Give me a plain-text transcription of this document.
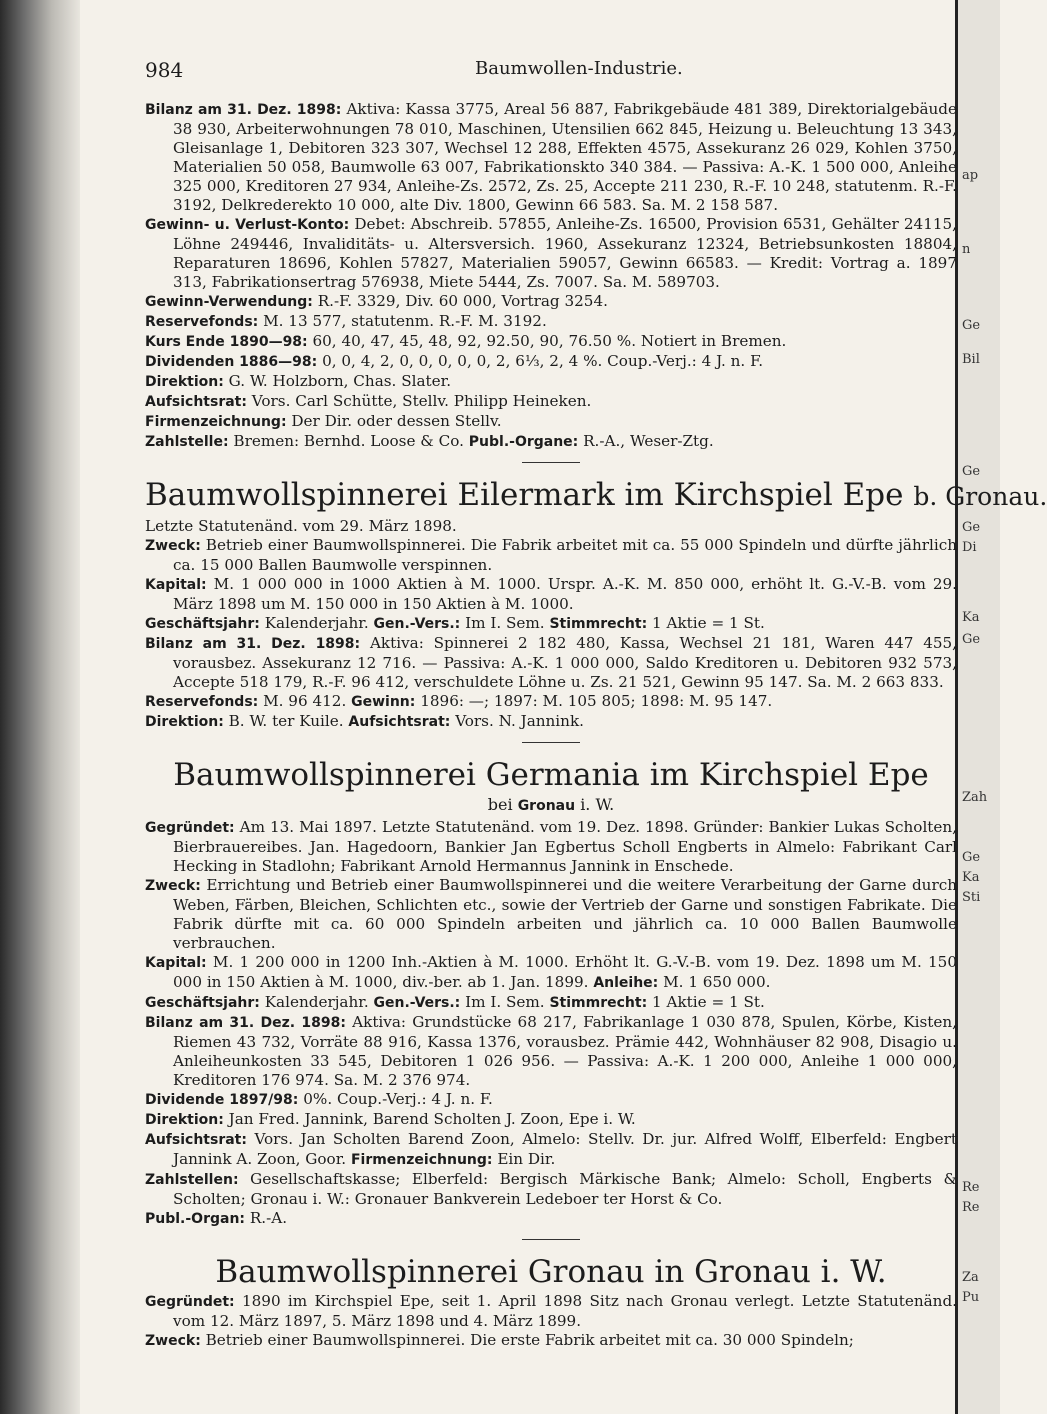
ap
n
Ge
Bil
Ge
Ge
Di
Ka
Ge
Zah
Ge
Ka
Sti
Re
Re
Za
Pu
984	Baumwollen-Industrie.

Bilanz am 31. Dez. 1898: Aktiva: Kassa 3775, Areal 56 887, Fabrikgebäude 481 389, Direktorialgebäude 38 930, Arbeiterwohnungen 78 010, Maschinen, Utensilien 662 845, Heizung u. Beleuchtung 13 343, Gleisanlage 1, Debitoren 323 307, Wechsel 12 288, Effekten 4575, Assekuranz 26 029, Kohlen 3750, Materialien 50 058, Baumwolle 63 007, Fabrikationskto 340 384. — Passiva: A.-K. 1 500 000, Anleihe 325 000, Kreditoren 27 934, Anleihe-Zs. 2572, Zs. 25, Accepte 211 230, R.-F. 10 248, statutenm. R.-F. 3192, Delkrederekto 10 000, alte Div. 1800, Gewinn 66 583. Sa. M. 2 158 587.

Gewinn- u. Verlust-Konto: Debet: Abschreib. 57855, Anleihe-Zs. 16500, Provision 6531, Gehälter 24115, Löhne 249446, Invaliditäts- u. Altersversich. 1960, Assekuranz 12324, Betriebsunkosten 18804, Reparaturen 18696, Kohlen 57827, Materialien 59057, Gewinn 66583. — Kredit: Vortrag a. 1897 313, Fabrikationsertrag 576938, Miete 5444, Zs. 7007. Sa. M. 589703.

Gewinn-Verwendung: R.-F. 3329, Div. 60 000, Vortrag 3254.

Reservefonds: M. 13 577, statutenm. R.-F. M. 3192.

Kurs Ende 1890—98: 60, 40, 47, 45, 48, 92, 92.50, 90, 76.50 %. Notiert in Bremen.

Dividenden 1886—98: 0, 0, 4, 2, 0, 0, 0, 0, 0, 2, 6⅓, 2, 4 %. Coup.-Verj.: 4 J. n. F.

Direktion: G. W. Holzborn, Chas. Slater.

Aufsichtsrat: Vors. Carl Schütte, Stellv. Philipp Heineken.

Firmenzeichnung: Der Dir. oder dessen Stellv.

Zahlstelle: Bremen: Bernhd. Loose & Co. Publ.-Organe: R.-A., Weser-Ztg.

Baumwollspinnerei Eilermark im Kirchspiel Epe b. Gronau.

Letzte Statutenänd. vom 29. März 1898.

Zweck: Betrieb einer Baumwollspinnerei. Die Fabrik arbeitet mit ca. 55 000 Spindeln und dürfte jährlich ca. 15 000 Ballen Baumwolle verspinnen.

Kapital: M. 1 000 000 in 1000 Aktien à M. 1000. Urspr. A.-K. M. 850 000, erhöht lt. G.-V.-B. vom 29. März 1898 um M. 150 000 in 150 Aktien à M. 1000.

Geschäftsjahr: Kalenderjahr. Gen.-Vers.: Im I. Sem. Stimmrecht: 1 Aktie = 1 St.

Bilanz am 31. Dez. 1898: Aktiva: Spinnerei 2 182 480, Kassa, Wechsel 21 181, Waren 447 455, vorausbez. Assekuranz 12 716. — Passiva: A.-K. 1 000 000, Saldo Kreditoren u. Debitoren 932 573, Accepte 518 179, R.-F. 96 412, verschuldete Löhne u. Zs. 21 521, Gewinn 95 147. Sa. M. 2 663 833.

Reservefonds: M. 96 412. Gewinn: 1896: —; 1897: M. 105 805; 1898: M. 95 147.

Direktion: B. W. ter Kuile. Aufsichtsrat: Vors. N. Jannink.

Baumwollspinnerei Germania im Kirchspiel Epe
bei Gronau i. W.

Gegründet: Am 13. Mai 1897. Letzte Statutenänd. vom 19. Dez. 1898. Gründer: Bankier Lukas Scholten, Bierbrauereibes. Jan. Hagedoorn, Bankier Jan Egbertus Scholl Engberts in Almelo: Fabrikant Carl Hecking in Stadlohn; Fabrikant Arnold Hermannus Jannink in Enschede.

Zweck: Errichtung und Betrieb einer Baumwollspinnerei und die weitere Verarbeitung der Garne durch Weben, Färben, Bleichen, Schlichten etc., sowie der Vertrieb der Garne und sonstigen Fabrikate. Die Fabrik dürfte mit ca. 60 000 Spindeln arbeiten und jährlich ca. 10 000 Ballen Baumwolle verbrauchen.

Kapital: M. 1 200 000 in 1200 Inh.-Aktien à M. 1000. Erhöht lt. G.-V.-B. vom 19. Dez. 1898 um M. 150 000 in 150 Aktien à M. 1000, div.-ber. ab 1. Jan. 1899. Anleihe: M. 1 650 000.

Geschäftsjahr: Kalenderjahr. Gen.-Vers.: Im I. Sem. Stimmrecht: 1 Aktie = 1 St.

Bilanz am 31. Dez. 1898: Aktiva: Grundstücke 68 217, Fabrikanlage 1 030 878, Spulen, Körbe, Kisten, Riemen 43 732, Vorräte 88 916, Kassa 1376, vorausbez. Prämie 442, Wohnhäuser 82 908, Disagio u. Anleiheunkosten 33 545, Debitoren 1 026 956. — Passiva: A.-K. 1 200 000, Anleihe 1 000 000, Kreditoren 176 974. Sa. M. 2 376 974.

Dividende 1897/98: 0%. Coup.-Verj.: 4 J. n. F.

Direktion: Jan Fred. Jannink, Barend Scholten J. Zoon, Epe i. W.

Aufsichtsrat: Vors. Jan Scholten Barend Zoon, Almelo: Stellv. Dr. jur. Alfred Wolff, Elberfeld: Engbert Jannink A. Zoon, Goor. Firmenzeichnung: Ein Dir.

Zahlstellen: Gesellschaftskasse; Elberfeld: Bergisch Märkische Bank; Almelo: Scholl, Engberts & Scholten; Gronau i. W.: Gronauer Bankverein Ledeboer ter Horst & Co.

Publ.-Organ: R.-A.

Baumwollspinnerei Gronau in Gronau i. W.

Gegründet: 1890 im Kirchspiel Epe, seit 1. April 1898 Sitz nach Gronau verlegt. Letzte Statutenänd. vom 12. März 1897, 5. März 1898 und 4. März 1899.

Zweck: Betrieb einer Baumwollspinnerei. Die erste Fabrik arbeitet mit ca. 30 000 Spindeln;
